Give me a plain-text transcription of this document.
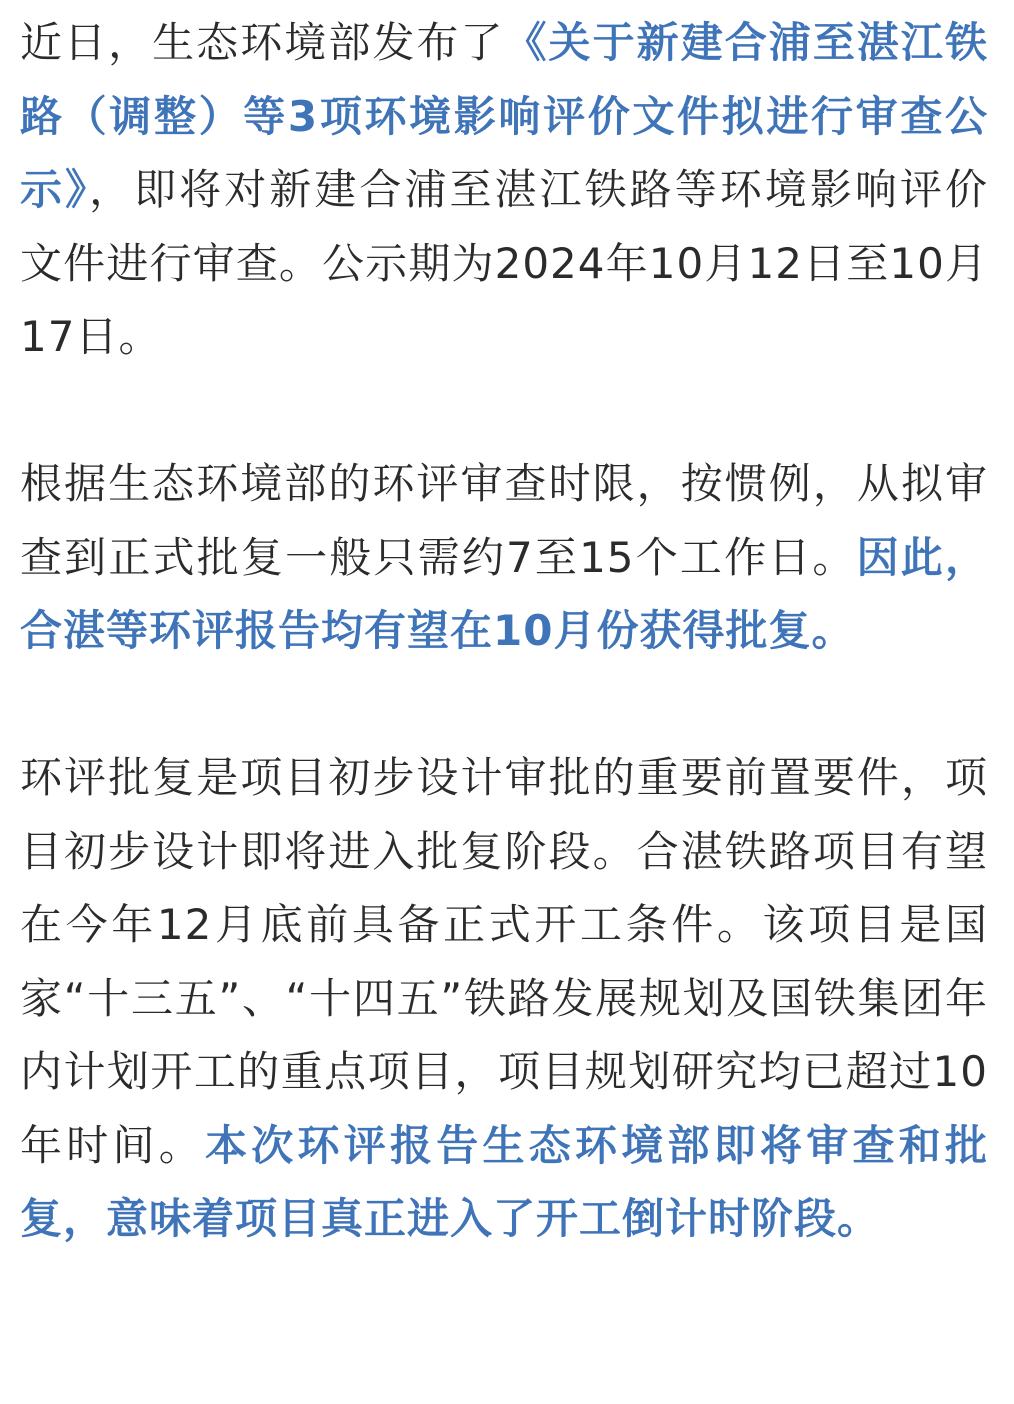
近日，生态环境部发布了《关于新建合浦至湛江铁路（调整）等3项环境影响评价文件拟进行审查公示》，即将对新建合浦至湛江铁路等环境影响评价文件进行审查。公示期为2024年10月12日至10月17日。

根据生态环境部的环评审查时限，按惯例，从拟审查到正式批复一般只需约7至15个工作日。因此，合湛等环评报告均有望在10月份获得批复。

环评批复是项目初步设计审批的重要前置要件，项目初步设计即将进入批复阶段。合湛铁路项目有望在今年12月底前具备正式开工条件。该项目是国家“十三五”、“十四五”铁路发展规划及国铁集团年内计划开工的重点项目，项目规划研究均已超过10年时间。本次环评报告生态环境部即将审查和批复，意味着项目真正进入了开工倒计时阶段。
